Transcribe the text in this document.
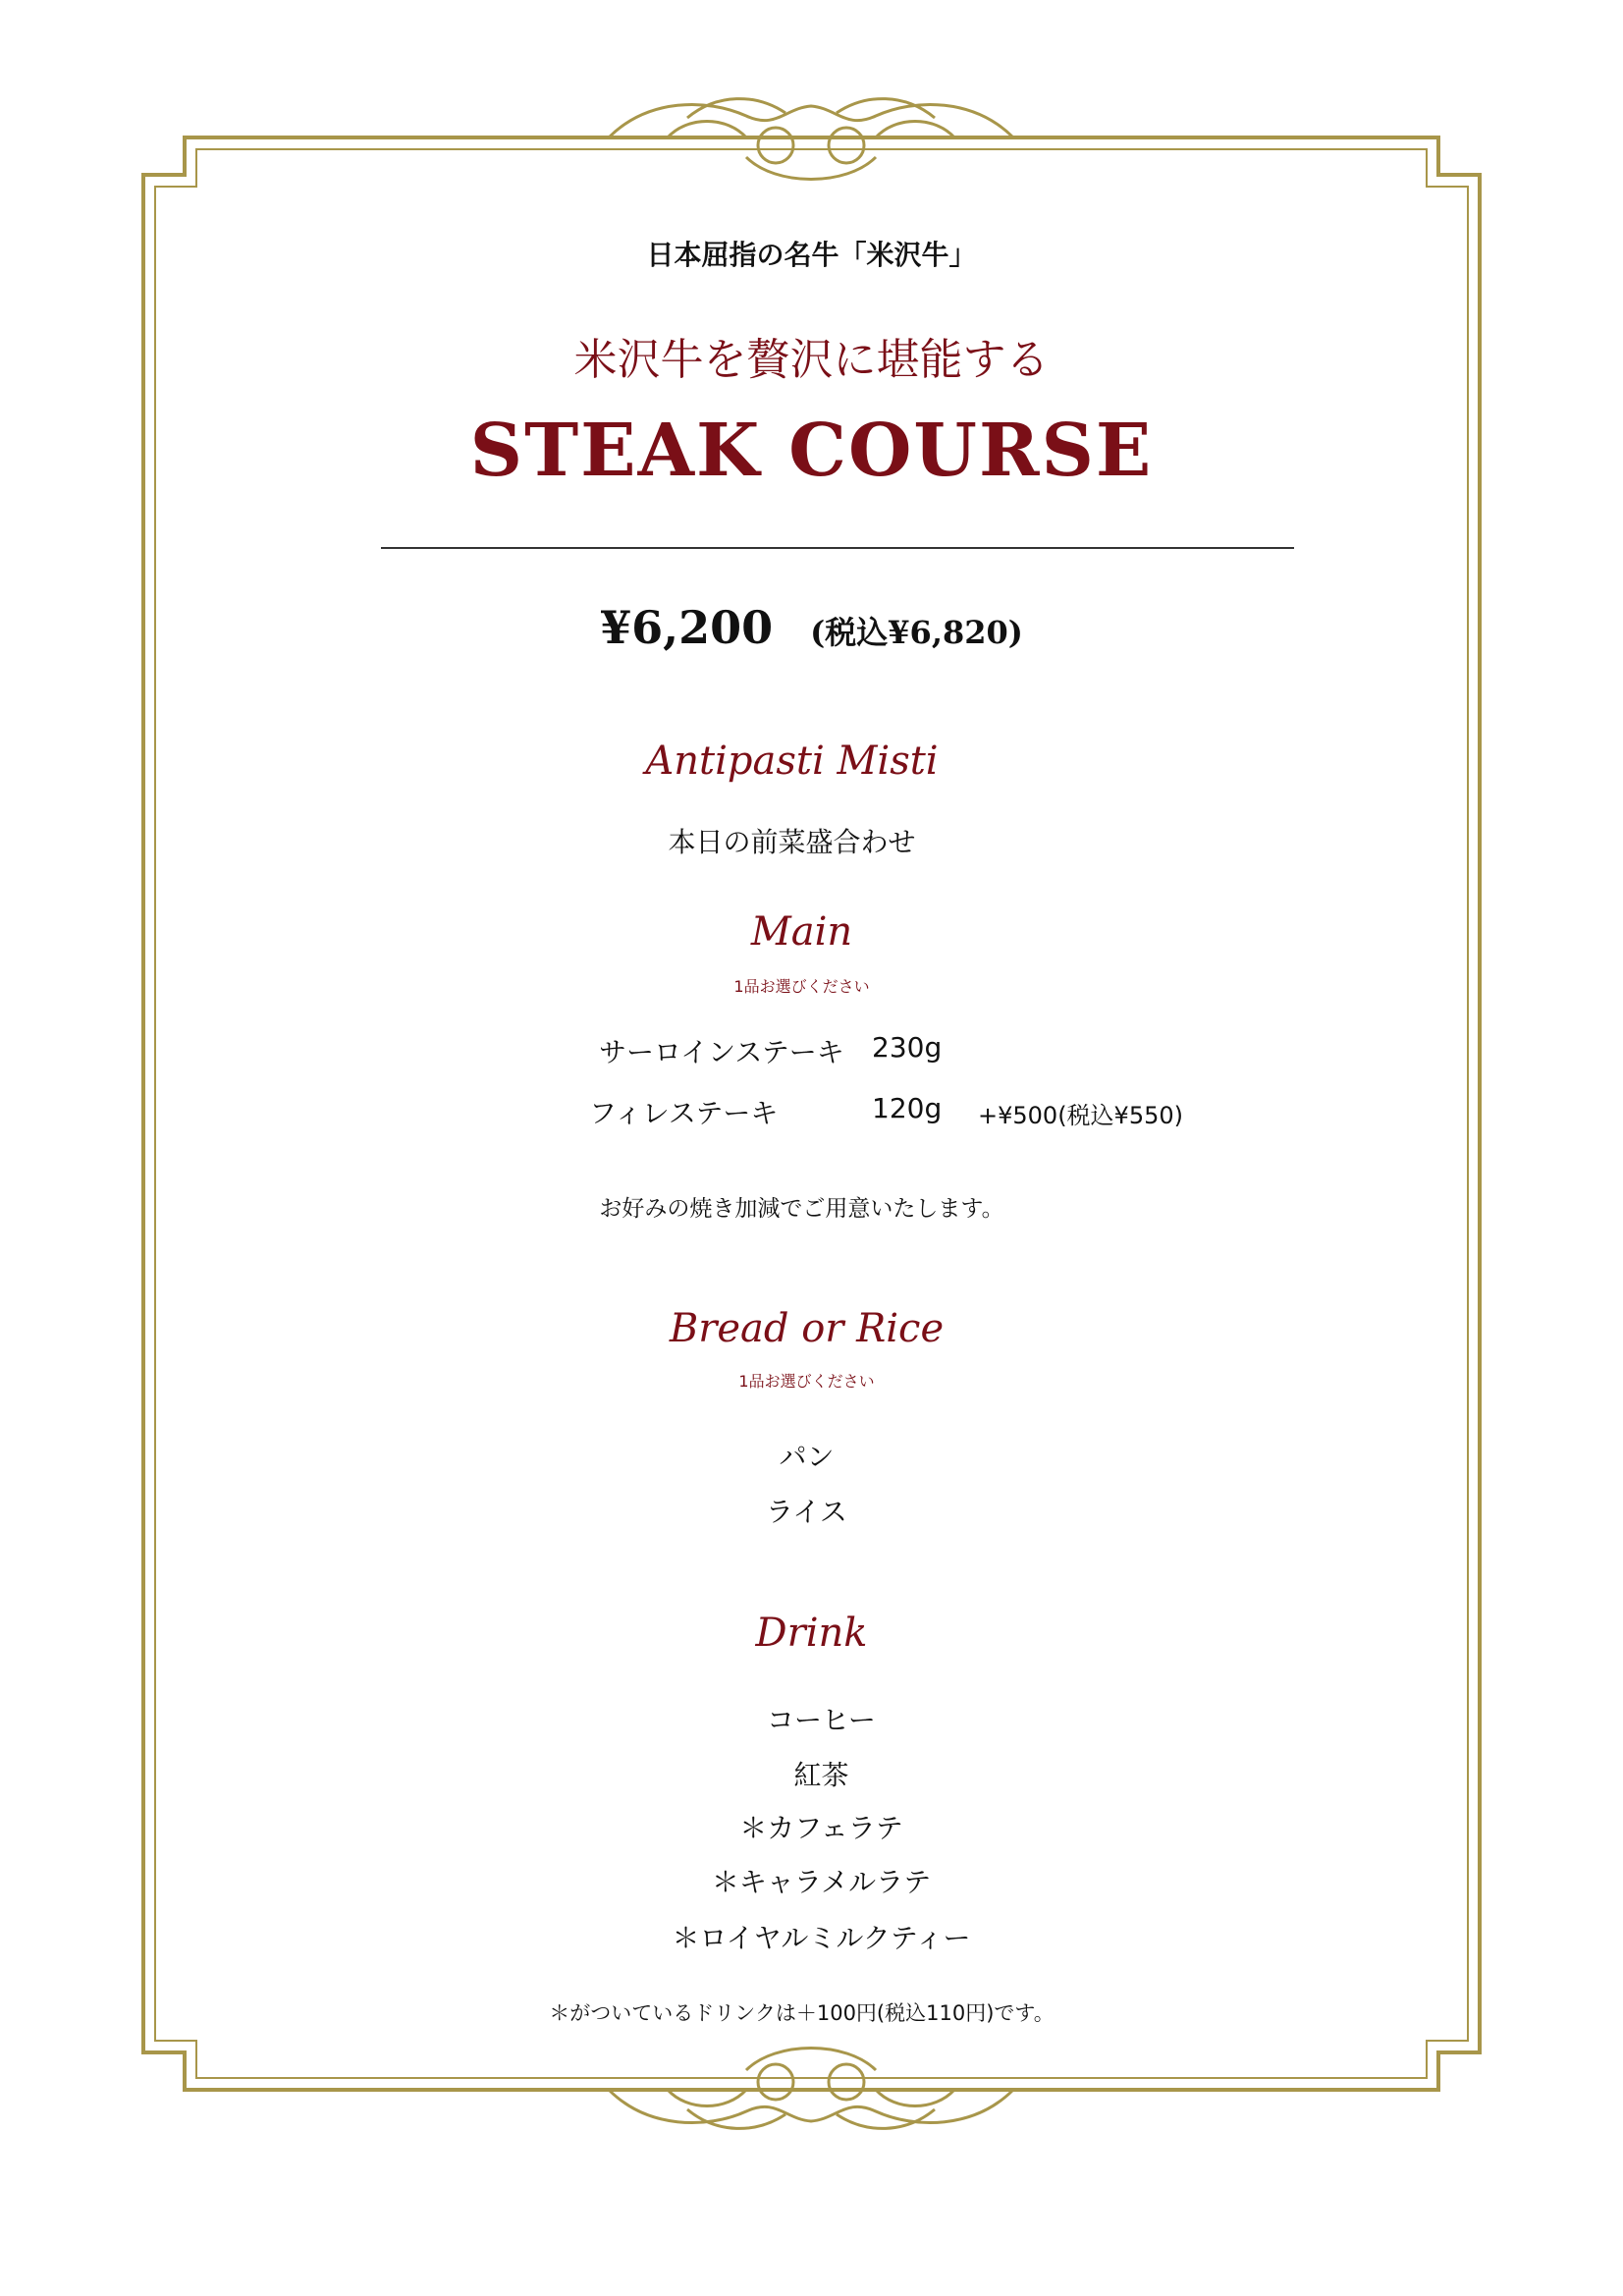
日本屈指の名牛「米沢牛」
米沢牛を贅沢に堪能する
STEAK COURSE
¥6,200 (税込¥6,820)
Antipasti Misti
本日の前菜盛合わせ
Main
1品お選びください
サーロインステーキ 230g
フィレステーキ	120g +¥500(税込¥550)
お好みの焼き加減でご用意いたします。
Bread or Rice
1品お選びください
パン
ライス
Drink
コーヒー
紅茶
＊カフェラテ
＊キャラメルラテ
＊ロイヤルミルクティー
＊がついているドリンクは＋100円(税込110円)です。
